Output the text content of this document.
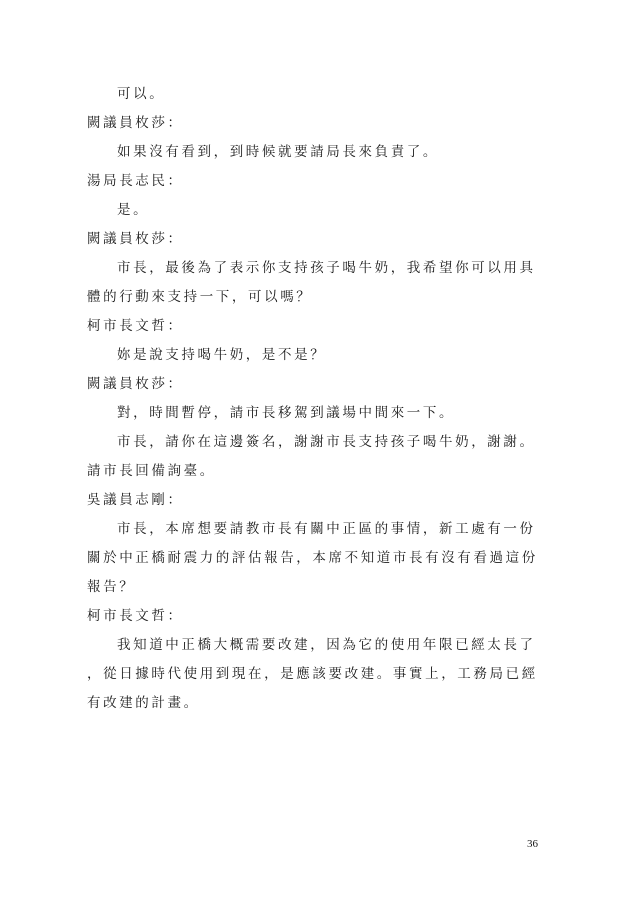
可以。
闕議員枚莎：
如果沒有看到，到時候就要請局長來負責了。
湯局長志民：
是。
闕議員枚莎：
市長，最後為了表示你支持孩子喝牛奶，我希望你可以用具
體的行動來支持一下，可以嗎？
柯市長文哲：
妳是說支持喝牛奶，是不是？
闕議員枚莎：
對，時間暫停，請市長移駕到議場中間來一下。
市長，請你在這邊簽名，謝謝市長支持孩子喝牛奶，謝謝。
請市長回備詢臺。
吳議員志剛：
市長，本席想要請教市長有關中正區的事情，新工處有一份
關於中正橋耐震力的評估報告，本席不知道市長有沒有看過這份
報告？
柯市長文哲：
我知道中正橋大概需要改建，因為它的使用年限已經太長了
，從日據時代使用到現在，是應該要改建。事實上，工務局已經
有改建的計畫。
36
